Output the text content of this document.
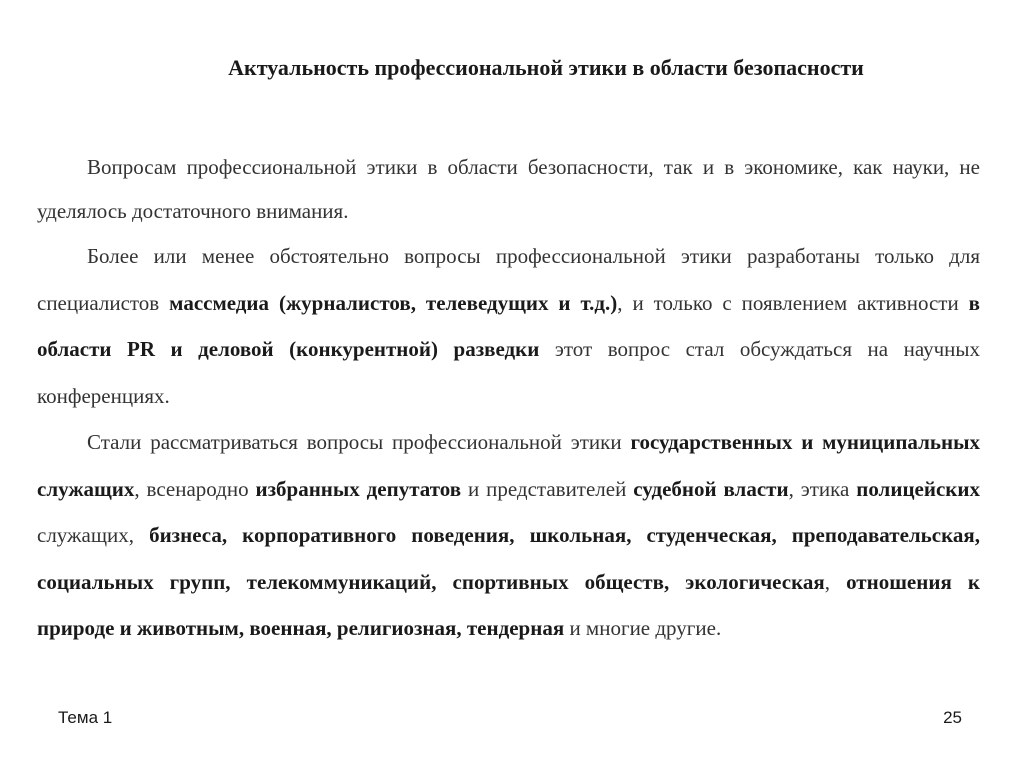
Актуальность профессиональной этики в области безопасности

Вопросам профессиональной этики в области безопасности, так и в экономике, как науки, не уделялось достаточного внимания.

Более или менее обстоятельно вопросы профессиональной этики разработаны только для специалистов массмедиа (журналистов, телеведущих и т.д.), и только с появлением активности в области PR и деловой (конкурентной) разведки этот вопрос стал обсуждаться на научных конференциях.

Стали рассматриваться вопросы профессиональной этики государственных и муниципальных служащих, всенародно избранных депутатов и представителей судебной власти, этика полицейских служащих, бизнеса, корпоративного поведения, школьная, студенческая, преподавательская, социальных групп, телекоммуникаций, спортивных обществ, экологическая, отношения к природе и животным, военная, религиозная, тендерная и многие другие.

Тема 1	25
